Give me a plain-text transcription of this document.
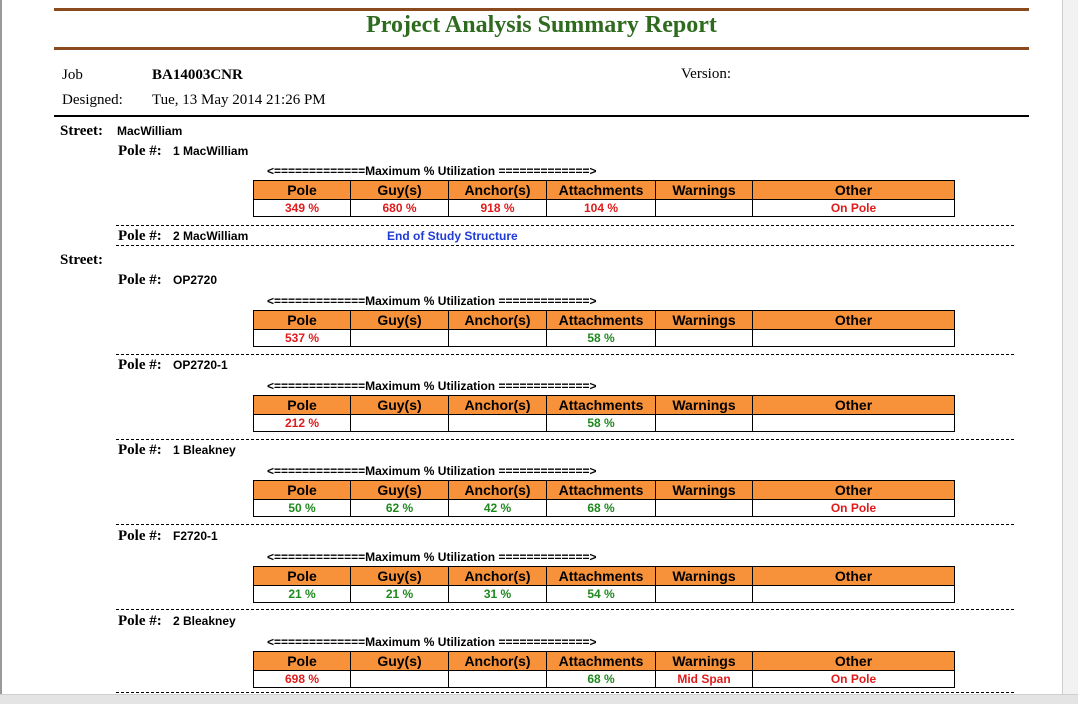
Project Analysis Summary Report
Job	BA14003CNR	Version:
Designed: Tue, 13 May 2014 21:26 PM
Street: MacWilliam
Pole #: 1 MacWilliam
<=============Maximum % Utilization =============>
Pole	Guy(s)	Anchor(s)	Attachments	Warnings	Other
349 %	680 %	918 %	104 %		On Pole
Pole #: 2 MacWilliam	End of Study Structure
Street:
Pole #: OP2720
<=============Maximum % Utilization =============>
Pole	Guy(s)	Anchor(s)	Attachments	Warnings	Other
537 %			58 %		
Pole #: OP2720-1
<=============Maximum % Utilization =============>
Pole	Guy(s)	Anchor(s)	Attachments	Warnings	Other
212 %			58 %		
Pole #: 1 Bleakney
<=============Maximum % Utilization =============>
Pole	Guy(s)	Anchor(s)	Attachments	Warnings	Other
50 %	62 %	42 %	68 %		On Pole
Pole #: F2720-1
<=============Maximum % Utilization =============>
Pole	Guy(s)	Anchor(s)	Attachments	Warnings	Other
21 %	21 %	31 %	54 %		
Pole #: 2 Bleakney
<=============Maximum % Utilization =============>
Pole	Guy(s)	Anchor(s)	Attachments	Warnings	Other
698 %			68 %	Mid Span	On Pole
